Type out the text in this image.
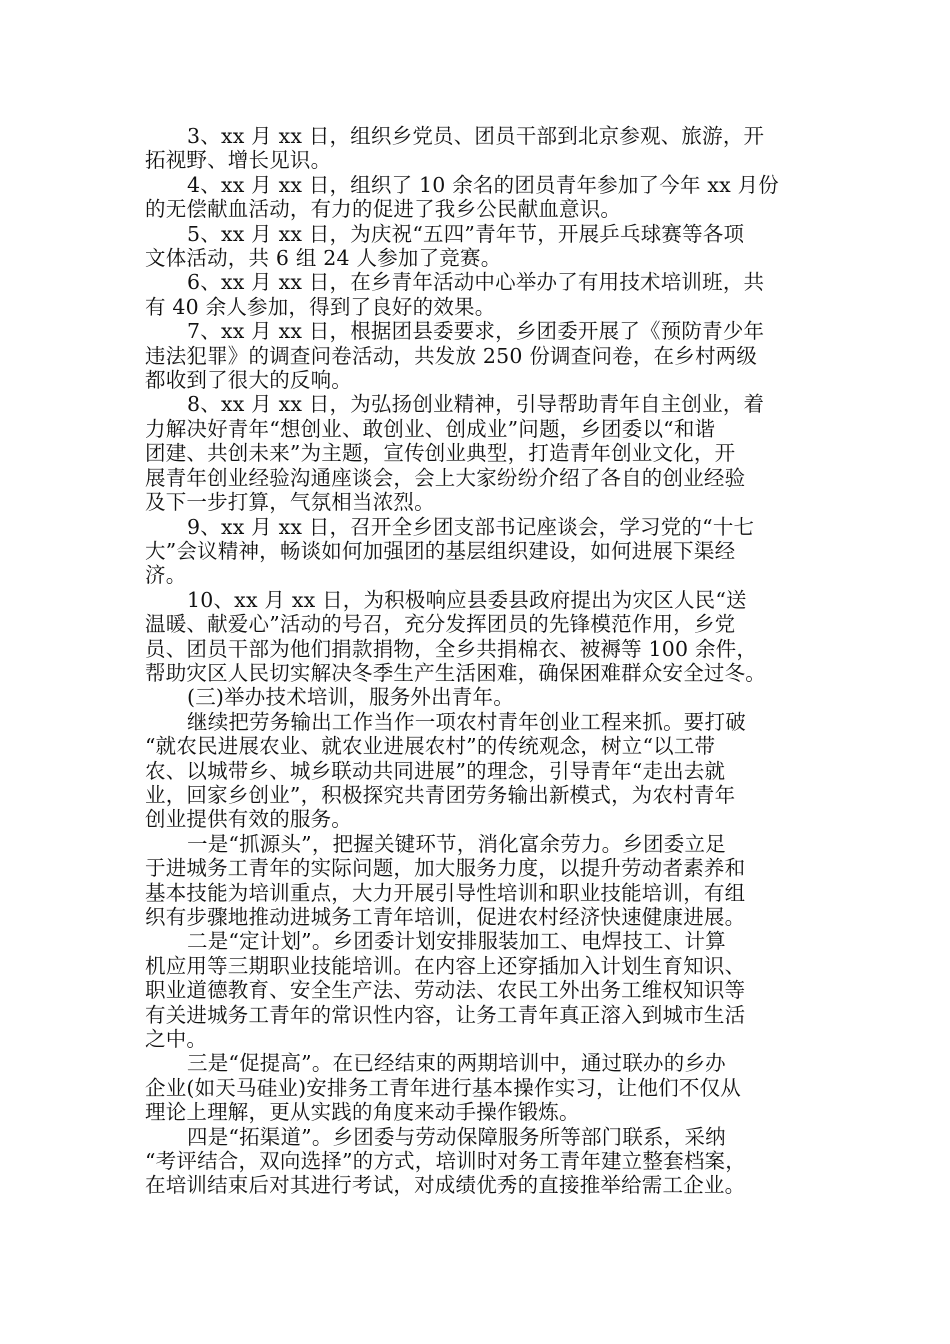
3、xx 月 xx 日，组织乡党员、团员干部到北京参观、旅游，开
拓视野、增长见识。
4、xx 月 xx 日，组织了 10 余名的团员青年参加了今年 xx 月份
的无偿献血活动，有力的促进了我乡公民献血意识。
5、xx 月 xx 日，为庆祝“五四”青年节，开展乒乓球赛等各项
文体活动，共 6 组 24 人参加了竞赛。
6、xx 月 xx 日，在乡青年活动中心举办了有用技术培训班，共
有 40 余人参加，得到了良好的效果。
7、xx 月 xx 日，根据团县委要求，乡团委开展了《预防青少年
违法犯罪》的调查问卷活动，共发放 250 份调查问卷，在乡村两级
都收到了很大的反响。
8、xx 月 xx 日，为弘扬创业精神，引导帮助青年自主创业，着
力解决好青年“想创业、敢创业、创成业”问题，乡团委以“和谐
团建、共创未来”为主题，宣传创业典型，打造青年创业文化，开
展青年创业经验沟通座谈会，会上大家纷纷介绍了各自的创业经验
及下一步打算，气氛相当浓烈。
9、xx 月 xx 日，召开全乡团支部书记座谈会，学习党的“十七
大”会议精神，畅谈如何加强团的基层组织建设，如何进展下渠经
济。
10、xx 月 xx 日，为积极响应县委县政府提出为灾区人民“送
温暖、献爱心”活动的号召，充分发挥团员的先锋模范作用，乡党
员、团员干部为他们捐款捐物，全乡共捐棉衣、被褥等 100 余件，
帮助灾区人民切实解决冬季生产生活困难，确保困难群众安全过冬。
(三)举办技术培训，服务外出青年。
继续把劳务输出工作当作一项农村青年创业工程来抓。要打破
“就农民进展农业、就农业进展农村”的传统观念，树立“以工带
农、以城带乡、城乡联动共同进展”的理念，引导青年“走出去就
业，回家乡创业”，积极探究共青团劳务输出新模式，为农村青年
创业提供有效的服务。
一是“抓源头”，把握关键环节，消化富余劳力。乡团委立足
于进城务工青年的实际问题，加大服务力度，以提升劳动者素养和
基本技能为培训重点，大力开展引导性培训和职业技能培训，有组
织有步骤地推动进城务工青年培训，促进农村经济快速健康进展。
二是“定计划”。乡团委计划安排服装加工、电焊技工、计算
机应用等三期职业技能培训。在内容上还穿插加入计划生育知识、
职业道德教育、安全生产法、劳动法、农民工外出务工维权知识等
有关进城务工青年的常识性内容，让务工青年真正溶入到城市生活
之中。
三是“促提高”。在已经结束的两期培训中，通过联办的乡办
企业(如天马硅业)安排务工青年进行基本操作实习，让他们不仅从
理论上理解，更从实践的角度来动手操作锻炼。
四是“拓渠道”。乡团委与劳动保障服务所等部门联系，采纳
“考评结合，双向选择”的方式，培训时对务工青年建立整套档案，
在培训结束后对其进行考试，对成绩优秀的直接推举给需工企业。
